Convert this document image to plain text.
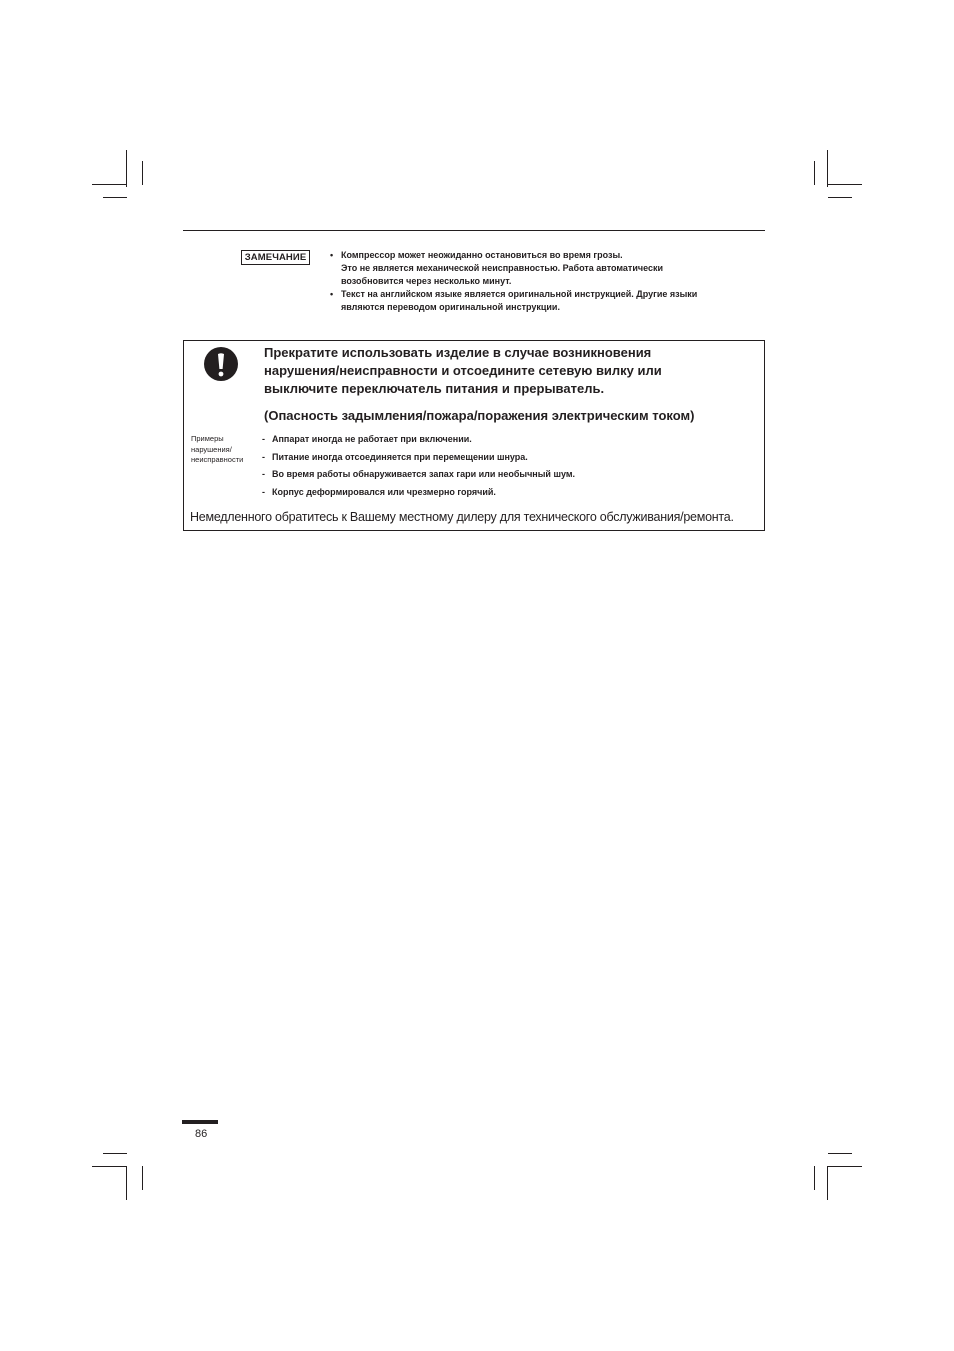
ЗАМЕЧАНИЕ	• Компрессор может неожиданно остановиться во время грозы.
Это не является механической неисправностью. Работа автоматически
возобновится через несколько минут.
• Текст на английском языке является оригинальной инструкцией. Другие языки
являются переводом оригинальной инструкции.

Прекратите использовать изделие в случае возникновения
нарушения/неисправности и отсоедините сетевую вилку или
выключите переключатель питания и прерыватель.

(Опасность задымления/пожара/поражения электрическим током)

Примеры
нарушения/
неисправности
- Аппарат иногда не работает при включении.
- Питание иногда отсоединяется при перемещении шнура.
- Во время работы обнаруживается запах гари или необычный шум.
- Корпус деформировался или чрезмерно горячий.
Немедленного обратитесь к Вашему местному дилеру для технического обслуживания/ремонта.
86
